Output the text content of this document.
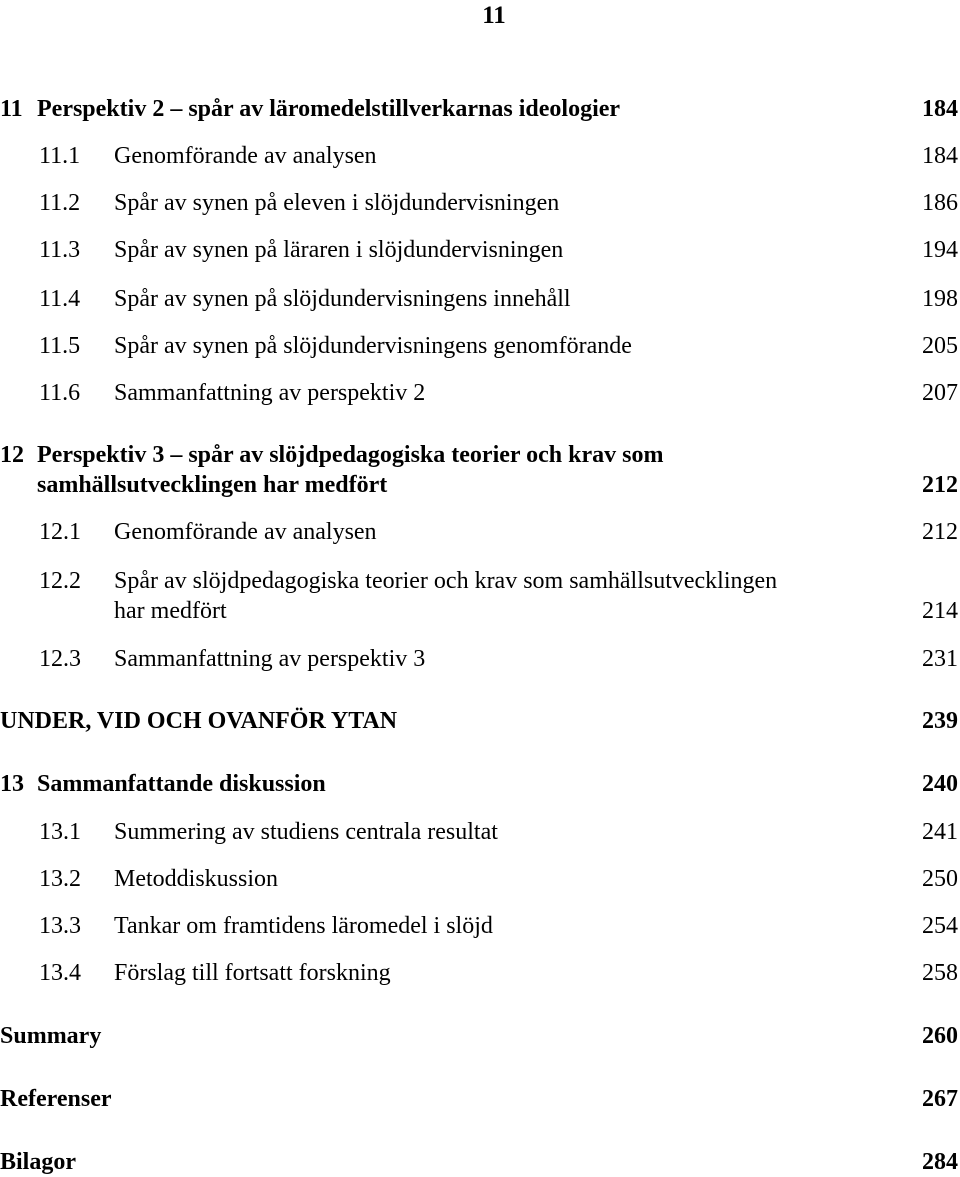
11
11 Perspektiv 2 – spår av läromedelstillverkarnas ideologier	184
11.1 Genomförande av analysen	184
11.2 Spår av synen på eleven i slöjdundervisningen	186
11.3 Spår av synen på läraren i slöjdundervisningen	194
11.4 Spår av synen på slöjdundervisningens innehåll	198
11.5 Spår av synen på slöjdundervisningens genomförande	205
11.6 Sammanfattning av perspektiv 2	207
12 Perspektiv 3 – spår av slöjdpedagogiska teorier och krav som
samhällsutvecklingen har medfört	212
12.1 Genomförande av analysen	212
12.2 Spår av slöjdpedagogiska teorier och krav som samhällsutvecklingen
har medfört	214
12.3 Sammanfattning av perspektiv 3	231
UNDER, VID OCH OVANFÖR YTAN	239
13 Sammanfattande diskussion	240
13.1 Summering av studiens centrala resultat	241
13.2 Metoddiskussion	250
13.3 Tankar om framtidens läromedel i slöjd	254
13.4 Förslag till fortsatt forskning	258
Summary	260
Referenser	267
Bilagor	284
